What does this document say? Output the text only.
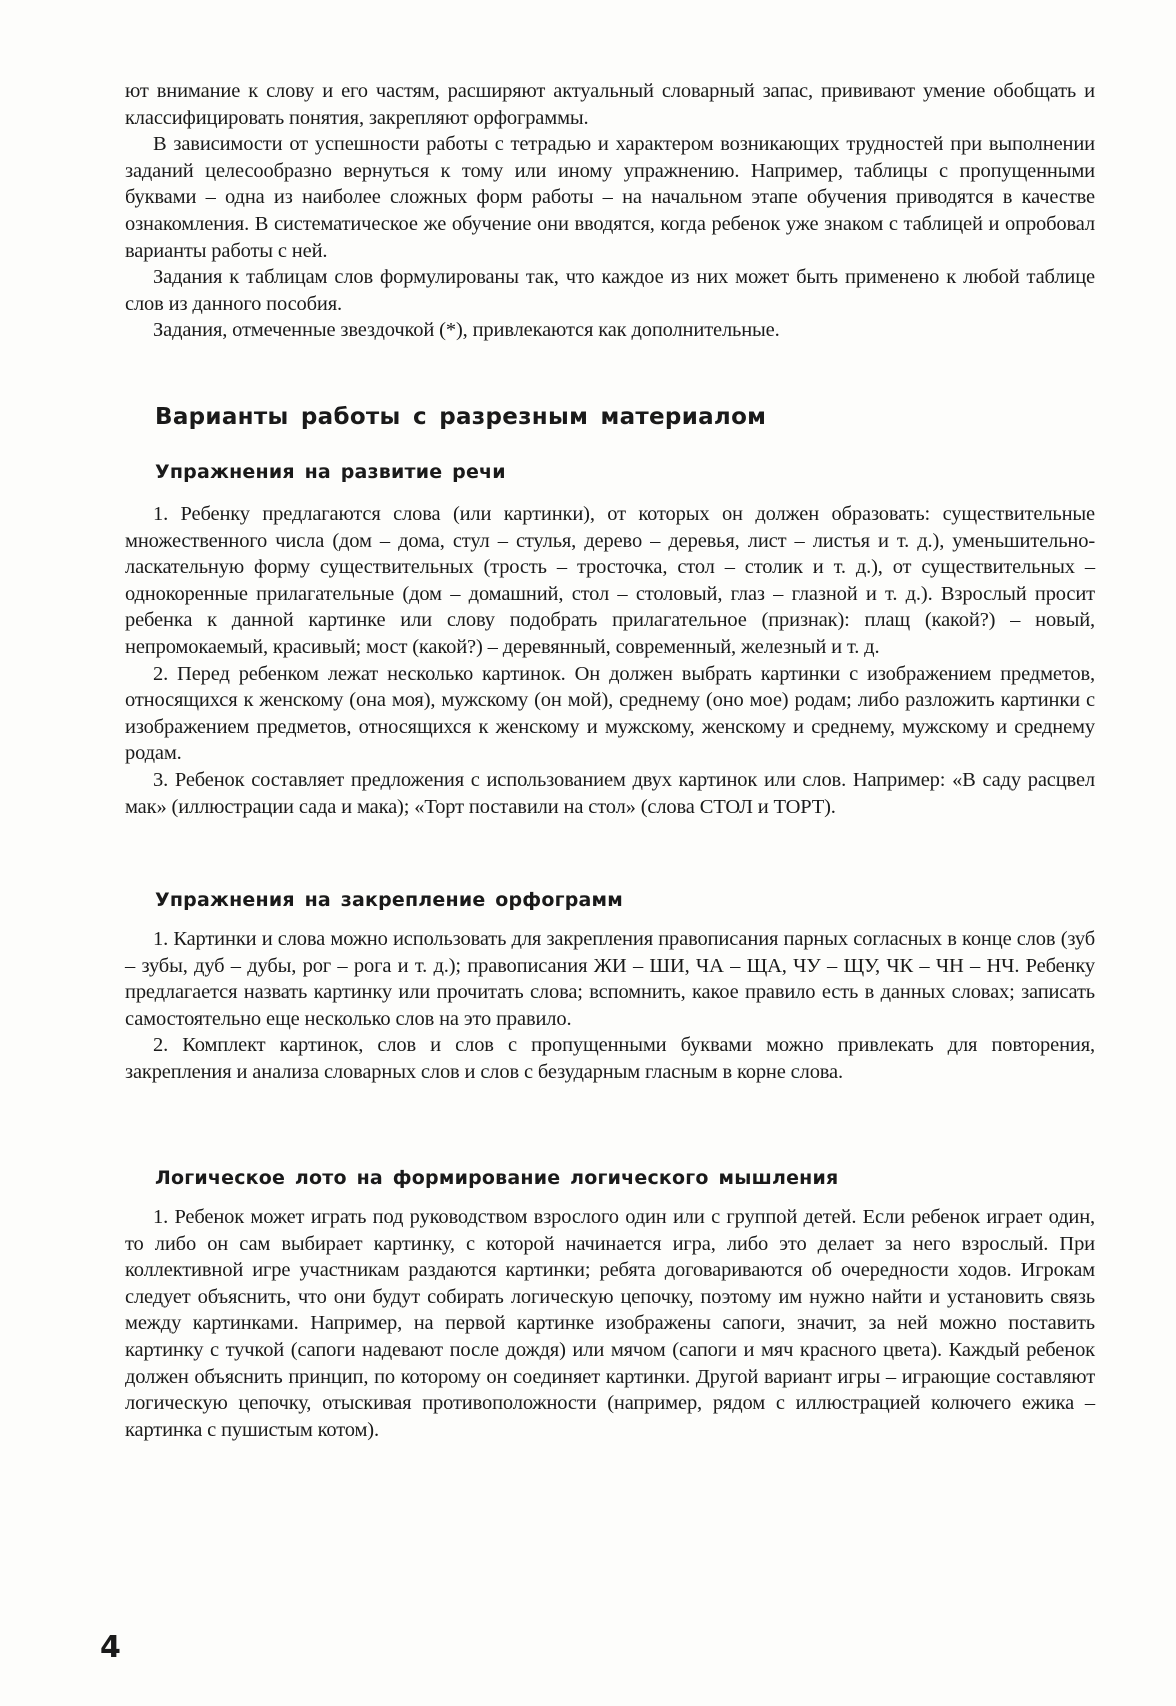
ют внимание к слову и его частям, расширяют актуальный словарный запас, прививают умение обобщать и классифицировать понятия, закрепляют орфограммы.

В зависимости от успешности работы с тетрадью и характером возникающих трудностей при выполнении заданий целесообразно вернуться к тому или иному упражнению. Например, таблицы с пропущенными буквами – одна из наиболее сложных форм работы – на начальном этапе обучения приводятся в качестве ознакомления. В систематическое же обучение они вводятся, когда ребенок уже знаком с таблицей и опробовал варианты работы с ней.

Задания к таблицам слов формулированы так, что каждое из них может быть применено к любой таблице слов из данного пособия.

Задания, отмеченные звездочкой (*), привлекаются как дополнительные.

Варианты работы с разрезным материалом
Упражнения на развитие речи

1. Ребенку предлагаются слова (или картинки), от которых он должен образовать: существительные множественного числа (дом – дома, стул – стулья, дерево – деревья, лист – листья и т. д.), уменьшительно-ласкательную форму существительных (трость – тросточка, стол – столик и т. д.), от существительных – однокоренные прилагательные (дом – домашний, стол – столовый, глаз – глазной и т. д.). Взрослый просит ребенка к данной картинке или слову подобрать прилагательное (признак): плащ (какой?) – новый, непромокаемый, красивый; мост (какой?) – деревянный, современный, железный и т. д.

2. Перед ребенком лежат несколько картинок. Он должен выбрать картинки с изображением предметов, относящихся к женскому (она моя), мужскому (он мой), среднему (оно мое) родам; либо разложить картинки с изображением предметов, относящихся к женскому и мужскому, женскому и среднему, мужскому и среднему родам.

3. Ребенок составляет предложения с использованием двух картинок или слов. Например: «В саду расцвел мак» (иллюстрации сада и мака); «Торт поставили на стол» (слова СТОЛ и ТОРТ).

Упражнения на закрепление орфограмм

1. Картинки и слова можно использовать для закрепления правописания парных согласных в конце слов (зуб – зубы, дуб – дубы, рог – рога и т. д.); правописания ЖИ – ШИ, ЧА – ЩА, ЧУ – ЩУ, ЧК – ЧН – НЧ. Ребенку предлагается назвать картинку или прочитать слова; вспомнить, какое правило есть в данных словах; записать самостоятельно еще несколько слов на это правило.

2. Комплект картинок, слов и слов с пропущенными буквами можно привлекать для повторения, закрепления и анализа словарных слов и слов с безударным гласным в корне слова.

Логическое лото на формирование логического мышления

1. Ребенок может играть под руководством взрослого один или с группой детей. Если ребенок играет один, то либо он сам выбирает картинку, с которой начинается игра, либо это делает за него взрослый. При коллективной игре участникам раздаются картинки; ребята договариваются об очередности ходов. Игрокам следует объяснить, что они будут собирать логическую цепочку, поэтому им нужно найти и установить связь между картинками. Например, на первой картинке изображены сапоги, значит, за ней можно поставить картинку с тучкой (сапоги надевают после дождя) или мячом (сапоги и мяч красного цвета). Каждый ребенок должен объяснить принцип, по которому он соединяет картинки. Другой вариант игры – играющие составляют логическую цепочку, отыскивая противоположности (например, рядом с иллюстрацией колючего ежика – картинка с пушистым котом).

4
